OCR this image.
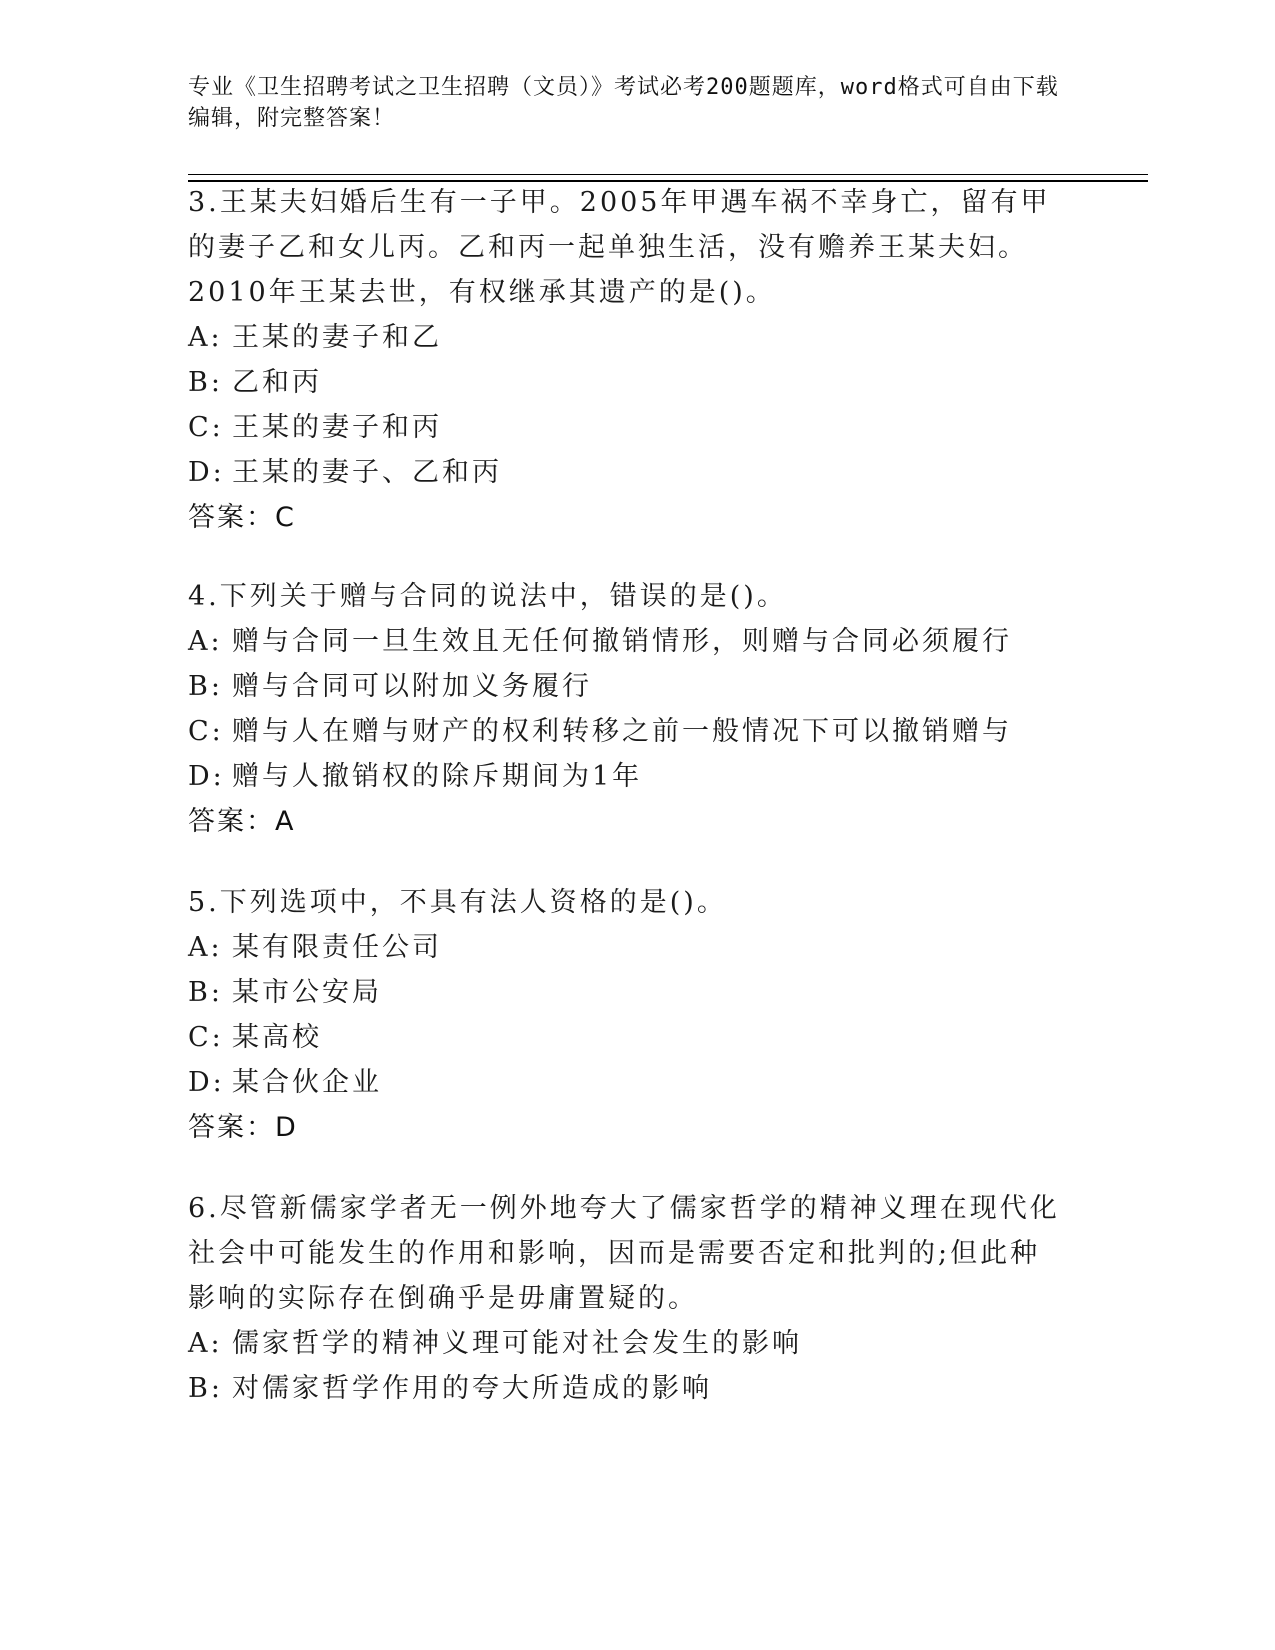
专业《卫生招聘考试之卫生招聘（文员）》考试必考200题题库，word格式可自由下载编辑，附完整答案！

3.王某夫妇婚后生有一子甲。2005年甲遇车祸不幸身亡，留有甲的妻子乙和女儿丙。乙和丙一起单独生活，没有赡养王某夫妇。2010年王某去世，有权继承其遗产的是()。

A: 王某的妻子和乙

B: 乙和丙

C: 王某的妻子和丙

D: 王某的妻子、乙和丙

答案：C

4.下列关于赠与合同的说法中，错误的是()。

A: 赠与合同一旦生效且无任何撤销情形，则赠与合同必须履行

B: 赠与合同可以附加义务履行

C: 赠与人在赠与财产的权利转移之前一般情况下可以撤销赠与

D: 赠与人撤销权的除斥期间为1年

答案：A

5.下列选项中，不具有法人资格的是()。

A: 某有限责任公司

B: 某市公安局

C: 某高校

D: 某合伙企业

答案：D

6.尽管新儒家学者无一例外地夸大了儒家哲学的精神义理在现代化社会中可能发生的作用和影响，因而是需要否定和批判的;但此种影响的实际存在倒确乎是毋庸置疑的。

A: 儒家哲学的精神义理可能对社会发生的影响

B: 对儒家哲学作用的夸大所造成的影响
